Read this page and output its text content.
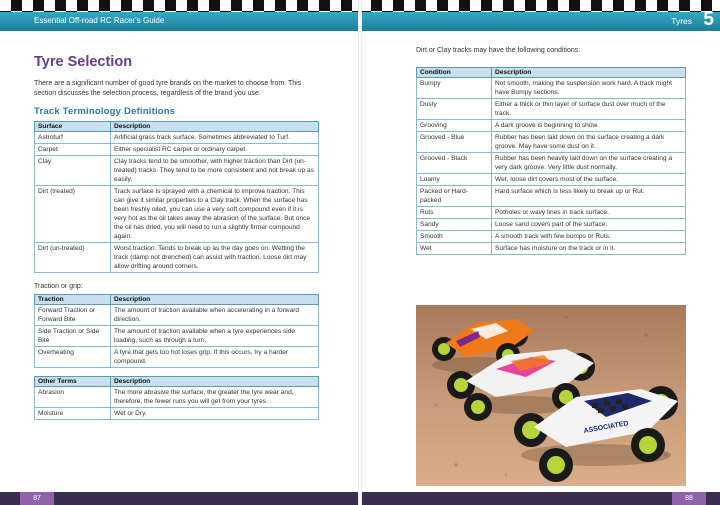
Essential Off-road RC Racer's Guide
Tyre Selection

There are a significant number of good tyre brands on the market to choose from. This section discusses the selection process, regardless of the brand you use.

Track Terminology Definitions
Surface	Description
Astroturf	Artificial grass track surface. Sometimes abbreviated to Turf.
Carpet	Either specialist RC carpet or ordinary carpet.
Clay	Clay tracks tend to be smoother, with higher traction than Dirt (un-treated) tracks. They tend to be more consistent and not break up as easily.
Dirt (treated)	Track surface is sprayed with a chemical to improve traction. This can give it similar properties to a Clay track. When the surface has been freshly oiled, you can use a very soft compound even if it is very hot as the oil takes away the abrasion of the surface. But once the oil has dried, you will need to run a slightly firmer compound again.
Dirt (un-treated)	Worst traction. Tends to break up as the day goes on. Wetting the track (damp not drenched) can assist with traction. Loose dirt may allow drifting around corners.

Traction or grip:

Traction	Description
Forward Traction or Forward Bite	The amount of traction available when accelerating in a forward direction.
Side Traction or Side Bite	The amount of traction available when a tyre experiences side loading, such as through a turn.
Overheating	A tyre that gets too hot loses grip. If this occurs, try a harder compound.
Other Terms	Description
Abrasion	The more abrasive the surface, the greater the tyre wear and, therefore, the fewer runs you will get from your tyres.
Moisture	Wet or Dry.
87
Tyres 5

Dirt or Clay tracks may have the following conditions:

Condition	Description
Bumpy	Not smooth, making the suspension work hard. A track might have Bumpy sections.
Dusty	Either a thick or thin layer of surface dust over much of the track.
Grooving	A dark groove is beginning to show.
Grooved - Blue	Rubber has been laid down on the surface creating a dark groove. May have some dust on it.
Grooved - Black	Rubber has been heavily laid down on the surface creating a very dark groove. Very little dust normally.
Loamy	Wet, loose dirt covers most of the surface.
Packed or Hard-packed	Hard surface which is less likely to break up or Rut.
Ruts	Potholes or wavy lines in track surface.
Sandy	Loose sand covers part of the surface.
Smooth	A smooth track with few bumps or Ruts.
Wet	Surface has moisture on the track or in it.
ASSOCIATED
88
